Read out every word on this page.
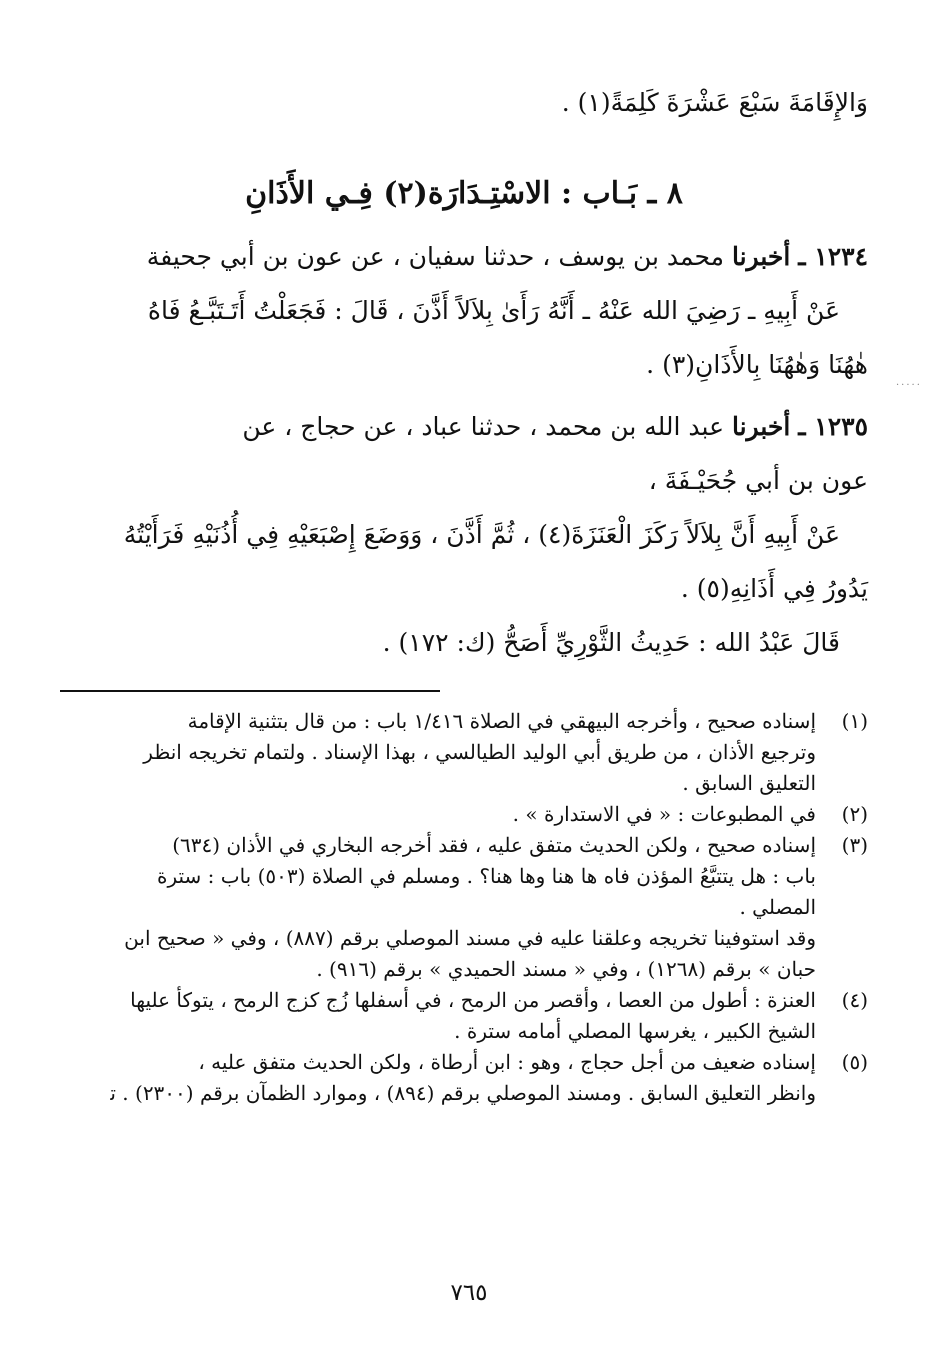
وَالإِقَامَةَ سَبْعَ عَشْرَةَ كَلِمَةً(١) .

٨ ـ بَـاب : الاسْتِـدَارَة(٢) فِـي الأَذَانِ

١٢٣٤ ـ أخبرنا محمد بن يوسف ، حدثنا سفيان ، عن عون بن أبي جحيفة

عَنْ أَبِيهِ ـ رَضِيَ الله عَنْهُ ـ أَنَّهُ رَأَىٰ بِلاَلاً أَذَّنَ ، قَالَ : فَجَعَلْتُ أَتَـتَبَّـعُ فَاهُ

هٰهُنَا وَهٰهُنَا بِالأَذَانِ(٣) .

١٢٣٥ ـ أخبرنا عبد الله بن محمد ، حدثنا عباد ، عن حجاج ، عن

عون بن أبي جُحَيْـفَةَ ،

عَنْ أَبِيهِ أَنَّ بِلاَلاً رَكَزَ الْعَنَزَةَ(٤) ، ثُمَّ أَذَّنَ ، وَوَضَعَ إِصْبَعَيْهِ فِي أُذُنَيْهِ فَرَأَيْتُهُ

يَدُورُ فِي أَذَانِهِ(٥) .

قَالَ عَبْدُ الله : حَدِيثُ الثَّوْرِيِّ أَصَحُّ (ك: ١٧٢) .

(١)
إسناده صحيح ، وأخرجه البيهقي في الصلاة ١/٤١٦ باب : من قال بتثنية الإقامة
وترجيع الأذان ، من طريق أبي الوليد الطيالسي ، بهذا الإسناد . ولتمام تخريجه انظر
التعليق السابق .
(٢)
في المطبوعات : « في الاستدارة » .
(٣)
إسناده صحيح ، ولكن الحديث متفق عليه ، فقد أخرجه البخاري في الأذان (٦٣٤)
باب : هل يتتبَّعُ المؤذن فاه ها هنا وها هنا؟ . ومسلم في الصلاة (٥٠٣) باب : سترة
المصلي .
وقد استوفينا تخريجه وعلقنا عليه في مسند الموصلي برقم (٨٨٧) ، وفي « صحيح ابن
حبان » برقم (١٢٦٨) ، وفي « مسند الحميدي » برقم (٩١٦) .
(٤)
العنزة : أطول من العصا ، وأقصر من الرمح ، في أسفلها زُج كزج الرمح ، يتوكأ عليها
الشيخ الكبير ، يغرسها المصلي أمامه سترة .
(٥)
إسناده ضعيف من أجل حجاج ، وهو : ابن أرطاة ، ولكن الحديث متفق عليه ،
وانظر التعليق السابق . ومسند الموصلي برقم (٨٩٤) ، وموارد الظمآن برقم (٢٣٠٠) . ﺗ
·····
٧٦٥
